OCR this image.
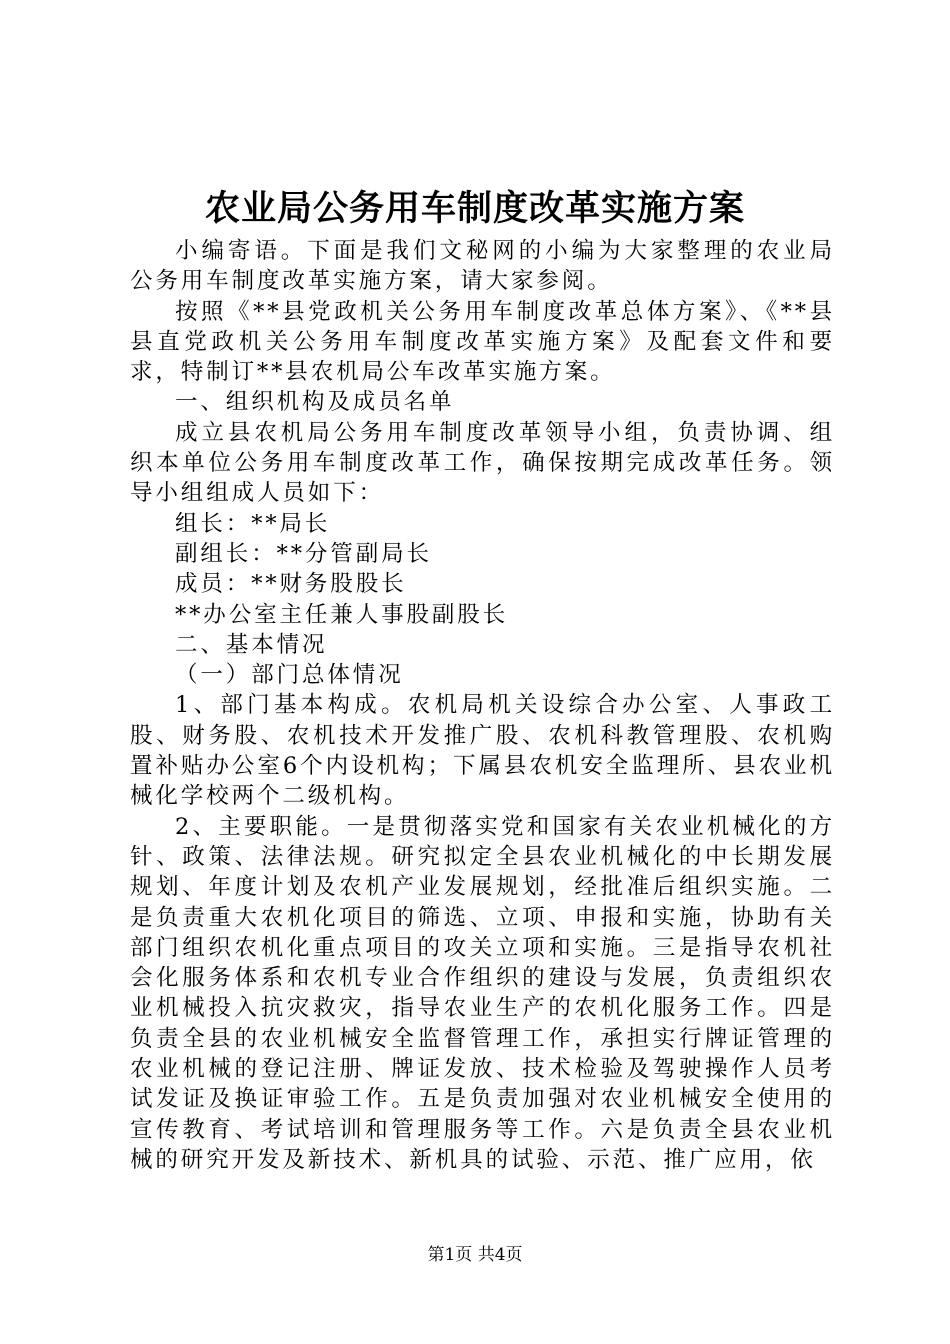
农业局公务用车制度改革实施方案

小编寄语。下面是我们文秘网的小编为大家整理的农业局公务用车制度改革实施方案，请大家参阅。

按照《**县党政机关公务用车制度改革总体方案》、《**县县直党政机关公务用车制度改革实施方案》及配套文件和要求，特制订**县农机局公车改革实施方案。

一、组织机构及成员名单

成立县农机局公务用车制度改革领导小组，负责协调、组织本单位公务用车制度改革工作，确保按期完成改革任务。领导小组组成人员如下：

组长：**局长

副组长：**分管副局长

成员：**财务股股长

**办公室主任兼人事股副股长

二、基本情况

（一）部门总体情况

1、部门基本构成。农机局机关设综合办公室、人事政工股、财务股、农机技术开发推广股、农机科教管理股、农机购置补贴办公室6个内设机构；下属县农机安全监理所、县农业机械化学校两个二级机构。

2、主要职能。一是贯彻落实党和国家有关农业机械化的方针、政策、法律法规。研究拟定全县农业机械化的中长期发展规划、年度计划及农机产业发展规划，经批准后组织实施。二是负责重大农机化项目的筛选、立项、申报和实施，协助有关部门组织农机化重点项目的攻关立项和实施。三是指导农机社会化服务体系和农机专业合作组织的建设与发展，负责组织农业机械投入抗灾救灾，指导农业生产的农机化服务工作。四是负责全县的农业机械安全监督管理工作，承担实行牌证管理的农业机械的登记注册、牌证发放、技术检验及驾驶操作人员考试发证及换证审验工作。五是负责加强对农业机械安全使用的宣传教育、考试培训和管理服务等工作。六是负责全县农业机械的研究开发及新技术、新机具的试验、示范、推广应用，依

第1页 共4页
